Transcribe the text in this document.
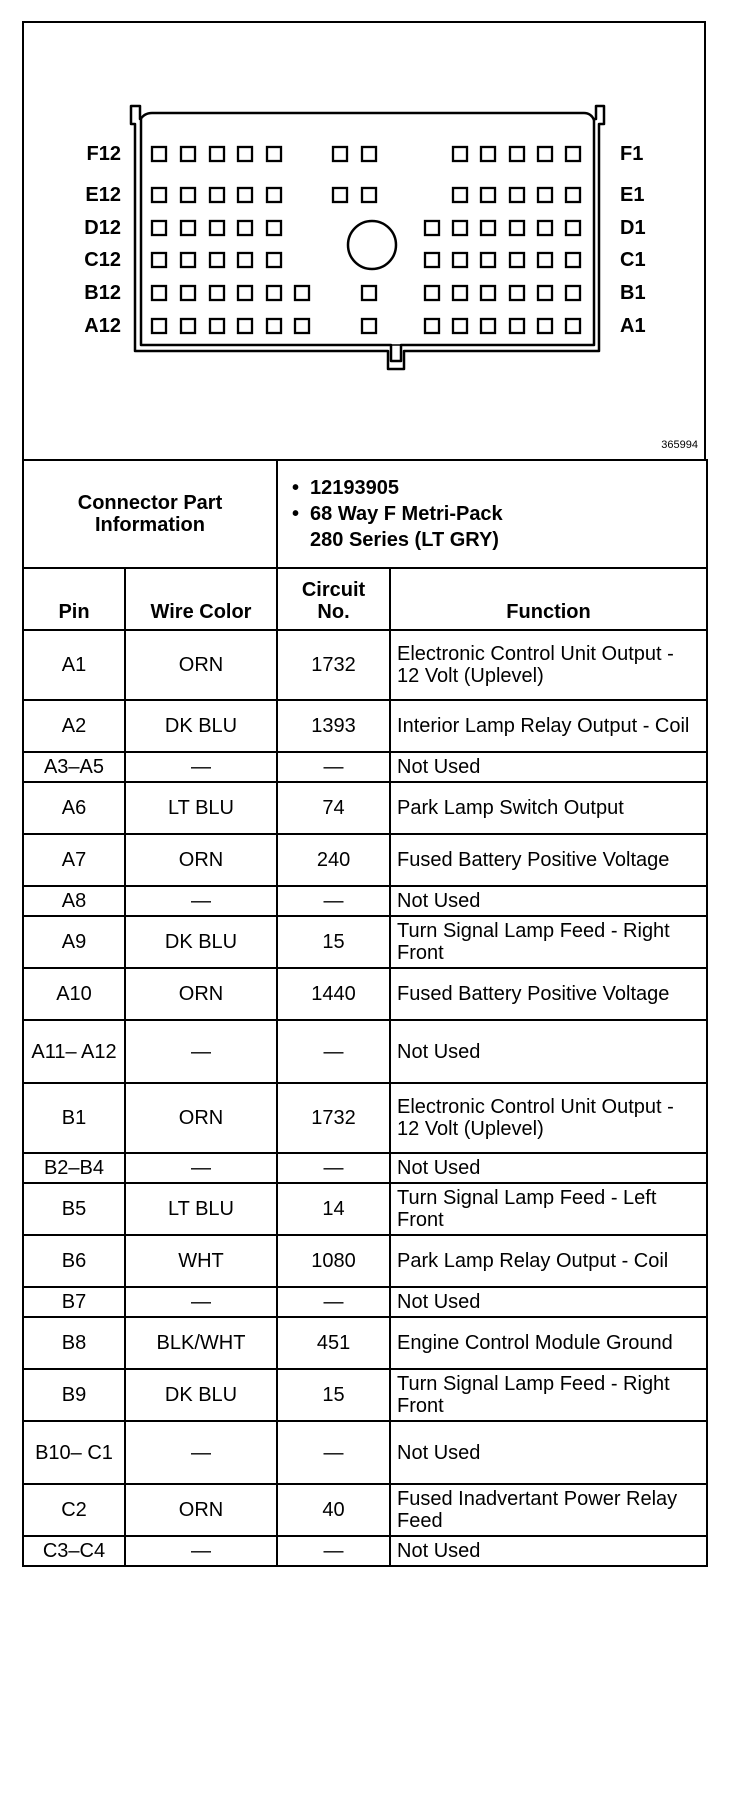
F12
E12
D12
C12
B12
A12
F1
E1
D1
C1
B1
A1
365994
Connector Part Information		• 12193905
• 68 Way F Metri-Pack
280 Series (LT GRY)	

Pin	Wire Color	Circuit No.	Function
A1	ORN	1732	Electronic Control Unit Output - 12 Volt (Uplevel)
A2	DK BLU	1393	Interior Lamp Relay Output - Coil
A3–A5	—	—	Not Used
A6	LT BLU	74	Park Lamp Switch Output
A7	ORN	240	Fused Battery Positive Voltage
A8	—	—	Not Used
A9	DK BLU	15	Turn Signal Lamp Feed - Right Front
A10	ORN	1440	Fused Battery Positive Voltage
A11– A12	—	—	Not Used
B1	ORN	1732	Electronic Control Unit Output - 12 Volt (Uplevel)
B2–B4	—	—	Not Used
B5	LT BLU	14	Turn Signal Lamp Feed - Left Front
B6	WHT	1080	Park Lamp Relay Output - Coil
B7	—	—	Not Used
B8	BLK/WHT	451	Engine Control Module Ground
B9	DK BLU	15	Turn Signal Lamp Feed - Right Front
B10– C1	—	—	Not Used
C2	ORN	40	Fused Inadvertant Power Relay Feed
C3–C4	—	—	Not Used
